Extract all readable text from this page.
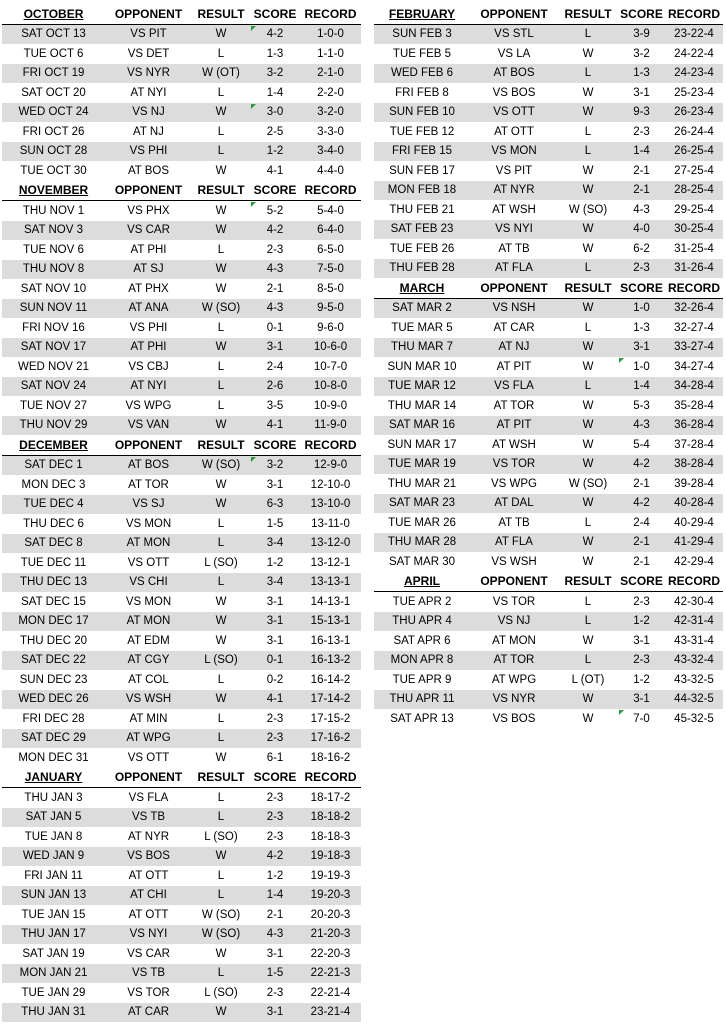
OCTOBER	OPPONENT	RESULT	SCORE	RECORD
SAT OCT 13	VS PIT	W	4-2	1-0-0
TUE OCT 6	VS DET	L	1-3	1-1-0
FRI OCT 19	VS NYR	W (OT)	3-2	2-1-0
SAT OCT 20	AT NYI	L	1-4	2-2-0
WED OCT 24	VS NJ	W	3-0	3-2-0
FRI OCT 26	AT NJ	L	2-5	3-3-0
SUN OCT 28	VS PHI	L	1-2	3-4-0
TUE OCT 30	AT BOS	W	4-1	4-4-0
NOVEMBER	OPPONENT	RESULT	SCORE	RECORD
THU NOV 1	VS PHX	W	5-2	5-4-0
SAT NOV 3	VS CAR	W	4-2	6-4-0
TUE NOV 6	AT PHI	L	2-3	6-5-0
THU NOV 8	AT SJ	W	4-3	7-5-0
SAT NOV 10	AT PHX	W	2-1	8-5-0
SUN NOV 11	AT ANA	W (SO)	4-3	9-5-0
FRI NOV 16	VS PHI	L	0-1	9-6-0
SAT NOV 17	AT PHI	W	3-1	10-6-0
WED NOV 21	VS CBJ	L	2-4	10-7-0
SAT NOV 24	AT NYI	L	2-6	10-8-0
TUE NOV 27	VS WPG	L	3-5	10-9-0
THU NOV 29	VS VAN	W	4-1	11-9-0
DECEMBER	OPPONENT	RESULT	SCORE	RECORD
SAT DEC 1	AT BOS	W (SO)	3-2	12-9-0
MON DEC 3	AT TOR	W	3-1	12-10-0
TUE DEC 4	VS SJ	W	6-3	13-10-0
THU DEC 6	VS MON	L	1-5	13-11-0
SAT DEC 8	AT MON	L	3-4	13-12-0
TUE DEC 11	VS OTT	L (SO)	1-2	13-12-1
THU DEC 13	VS CHI	L	3-4	13-13-1
SAT DEC 15	VS MON	W	3-1	14-13-1
MON DEC 17	AT MON	W	3-1	15-13-1
THU DEC 20	AT EDM	W	3-1	16-13-1
SAT DEC 22	AT CGY	L (SO)	0-1	16-13-2
SUN DEC 23	AT COL	L	0-2	16-14-2
WED DEC 26	VS WSH	W	4-1	17-14-2
FRI DEC 28	AT MIN	L	2-3	17-15-2
SAT DEC 29	AT WPG	L	2-3	17-16-2
MON DEC 31	VS OTT	W	6-1	18-16-2
JANUARY	OPPONENT	RESULT	SCORE	RECORD
THU JAN 3	VS FLA	L	2-3	18-17-2
SAT JAN 5	VS TB	L	2-3	18-18-2
TUE JAN 8	AT NYR	L (SO)	2-3	18-18-3
WED JAN 9	VS BOS	W	4-2	19-18-3
FRI JAN 11	AT OTT	L	1-2	19-19-3
SUN JAN 13	AT CHI	L	1-4	19-20-3
TUE JAN 15	AT OTT	W (SO)	2-1	20-20-3
THU JAN 17	VS NYI	W (SO)	4-3	21-20-3
SAT JAN 19	VS CAR	W	3-1	22-20-3
MON JAN 21	VS TB	L	1-5	22-21-3
TUE JAN 29	VS TOR	L (SO)	2-3	22-21-4
THU JAN 31	AT CAR	W	3-1	23-21-4
FEBRUARY	OPPONENT	RESULT	SCORE	RECORD
SUN FEB 3	VS STL	L	3-9	23-22-4
TUE FEB 5	VS LA	W	3-2	24-22-4
WED FEB 6	AT BOS	L	1-3	24-23-4
FRI FEB 8	VS BOS	W	3-1	25-23-4
SUN FEB 10	VS OTT	W	9-3	26-23-4
TUE FEB 12	AT OTT	L	2-3	26-24-4
FRI FEB 15	VS MON	L	1-4	26-25-4
SUN FEB 17	VS PIT	W	2-1	27-25-4
MON FEB 18	AT NYR	W	2-1	28-25-4
THU FEB 21	AT WSH	W (SO)	4-3	29-25-4
SAT FEB 23	VS NYI	W	4-0	30-25-4
TUE FEB 26	AT TB	W	6-2	31-25-4
THU FEB 28	AT FLA	L	2-3	31-26-4
MARCH	OPPONENT	RESULT	SCORE	RECORD
SAT MAR 2	VS NSH	W	1-0	32-26-4
TUE MAR 5	AT CAR	L	1-3	32-27-4
THU MAR 7	AT NJ	W	3-1	33-27-4
SUN MAR 10	AT PIT	W	1-0	34-27-4
TUE MAR 12	VS FLA	L	1-4	34-28-4
THU MAR 14	AT TOR	W	5-3	35-28-4
SAT MAR 16	AT PIT	W	4-3	36-28-4
SUN MAR 17	AT WSH	W	5-4	37-28-4
TUE MAR 19	VS TOR	W	4-2	38-28-4
THU MAR 21	VS WPG	W (SO)	2-1	39-28-4
SAT MAR 23	AT DAL	W	4-2	40-28-4
TUE MAR 26	AT TB	L	2-4	40-29-4
THU MAR 28	AT FLA	W	2-1	41-29-4
SAT MAR 30	VS WSH	W	2-1	42-29-4
APRIL	OPPONENT	RESULT	SCORE	RECORD
TUE APR 2	VS TOR	L	2-3	42-30-4
THU APR 4	VS NJ	L	1-2	42-31-4
SAT APR 6	AT MON	W	3-1	43-31-4
MON APR 8	AT TOR	L	2-3	43-32-4
TUE APR 9	AT WPG	L (OT)	1-2	43-32-5
THU APR 11	VS NYR	W	3-1	44-32-5
SAT APR 13	VS BOS	W	7-0	45-32-5
